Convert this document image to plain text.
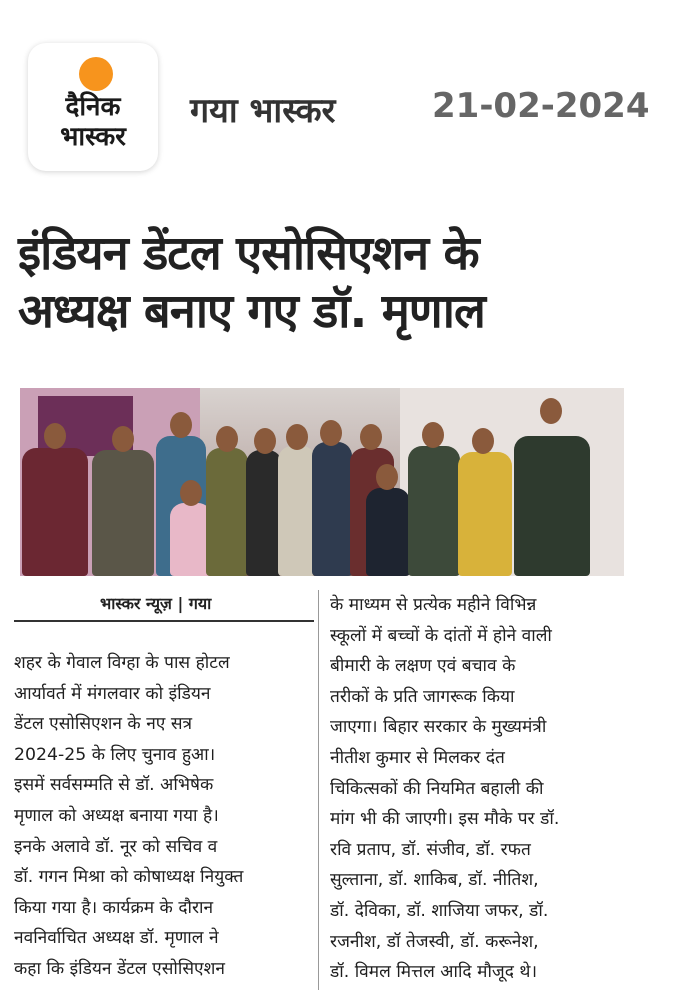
दैनिक
भास्कर
गया भास्कर	21-02-2024
इंडियन डेंटल एसोसिएशन के
अध्यक्ष बनाए गए डॉ. मृणाल
भास्कर न्यूज़ | गया
शहर के गेवाल विग्हा के पास होटल
आर्यावर्त में मंगलवार को इंडियन
डेंटल एसोसिएशन के नए सत्र
2024-25 के लिए चुनाव हुआ।
इसमें सर्वसम्मति से डॉ. अभिषेक
मृणाल को अध्यक्ष बनाया गया है।
इनके अलावे डॉ. नूर को सचिव व
डॉ. गगन मिश्रा को कोषाध्यक्ष नियुक्त
किया गया है। कार्यक्रम के दौरान
नवनिर्वाचित अध्यक्ष डॉ. मृणाल ने
कहा कि इंडियन डेंटल एसोसिएशन
के माध्यम से प्रत्येक महीने विभिन्न
स्कूलों में बच्चों के दांतों में होने वाली
बीमारी के लक्षण एवं बचाव के
तरीकों के प्रति जागरूक किया
जाएगा। बिहार सरकार के मुख्यमंत्री
नीतीश कुमार से मिलकर दंत
चिकित्सकों की नियमित बहाली की
मांग भी की जाएगी। इस मौके पर डॉ.
रवि प्रताप, डॉ. संजीव, डॉ. रफत
सुल्ताना, डॉ. शाकिब, डॉ. नीतिश,
डॉ. देविका, डॉ. शाजिया जफर, डॉ.
रजनीश, डॉ तेजस्वी, डॉ. करूनेश,
डॉ. विमल मित्तल आदि मौजूद थे।
